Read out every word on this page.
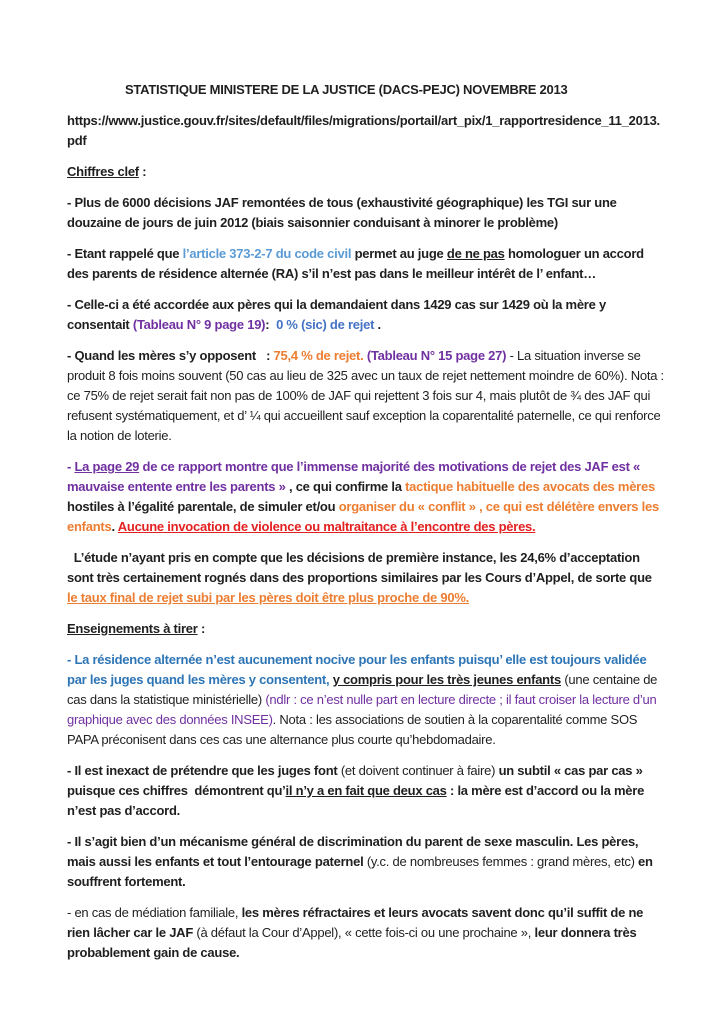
STATISTIQUE MINISTERE DE LA JUSTICE (DACS-PEJC) NOVEMBRE 2013

https://www.justice.gouv.fr/sites/default/files/migrations/portail/art_pix/1_rapportresidence_11_2013.pdf

Chiffres clef :

- Plus de 6000 décisions JAF remontées de tous (exhaustivité géographique) les TGI sur une douzaine de jours de juin 2012 (biais saisonnier conduisant à minorer le problème)

- Etant rappelé que l’article 373-2-7 du code civil permet au juge de ne pas homologuer un accord des parents de résidence alternée (RA) s’il n’est pas dans le meilleur intérêt de l’ enfant…

- Celle-ci a été accordée aux pères qui la demandaient dans 1429 cas sur 1429 où la mère y consentait (Tableau N° 9 page 19):  0 % (sic) de rejet .

- Quand les mères s’y opposent   : 75,4 % de rejet. (Tableau N° 15 page 27) - La situation inverse se produit 8 fois moins souvent (50 cas au lieu de 325 avec un taux de rejet nettement moindre de 60%). Nota : ce 75% de rejet serait fait non pas de 100% de JAF qui rejettent 3 fois sur 4, mais plutôt de ¾ des JAF qui refusent systématiquement, et d’ ¼ qui accueillent sauf exception la coparentalité paternelle, ce qui renforce la notion de loterie.

- La page 29 de ce rapport montre que l’immense majorité des motivations de rejet des JAF est « mauvaise entente entre les parents » , ce qui confirme la tactique habituelle des avocats des mères hostiles à l’égalité parentale, de simuler et/ou organiser du « conflit » , ce qui est délétère envers les enfants. Aucune invocation de violence ou maltraitance à l’encontre des pères.

L’étude n’ayant pris en compte que les décisions de première instance, les 24,6% d’acceptation sont très certainement rognés dans des proportions similaires par les Cours d’Appel, de sorte que le taux final de rejet subi par les pères doit être plus proche de 90%.

Enseignements à tirer :

- La résidence alternée n’est aucunement nocive pour les enfants puisqu’ elle est toujours validée par les juges quand les mères y consentent, y compris pour les très jeunes enfants (une centaine de cas dans la statistique ministérielle) (ndlr : ce n’est nulle part en lecture directe ; il faut croiser la lecture d’un graphique avec des données INSEE). Nota : les associations de soutien à la coparentalité comme SOS PAPA préconisent dans ces cas une alternance plus courte qu’hebdomadaire.

- Il est inexact de prétendre que les juges font (et doivent continuer à faire) un subtil « cas par cas » puisque ces chiffres  démontrent qu’il n’y a en fait que deux cas : la mère est d’accord ou la mère n’est pas d’accord.

- Il s’agit bien d’un mécanisme général de discrimination du parent de sexe masculin. Les pères, mais aussi les enfants et tout l’entourage paternel (y.c. de nombreuses femmes : grand mères, etc) en souffrent fortement.

- en cas de médiation familiale, les mères réfractaires et leurs avocats savent donc qu’il suffit de ne rien lâcher car le JAF (à défaut la Cour d’Appel), « cette fois-ci ou une prochaine », leur donnera très probablement gain de cause.
